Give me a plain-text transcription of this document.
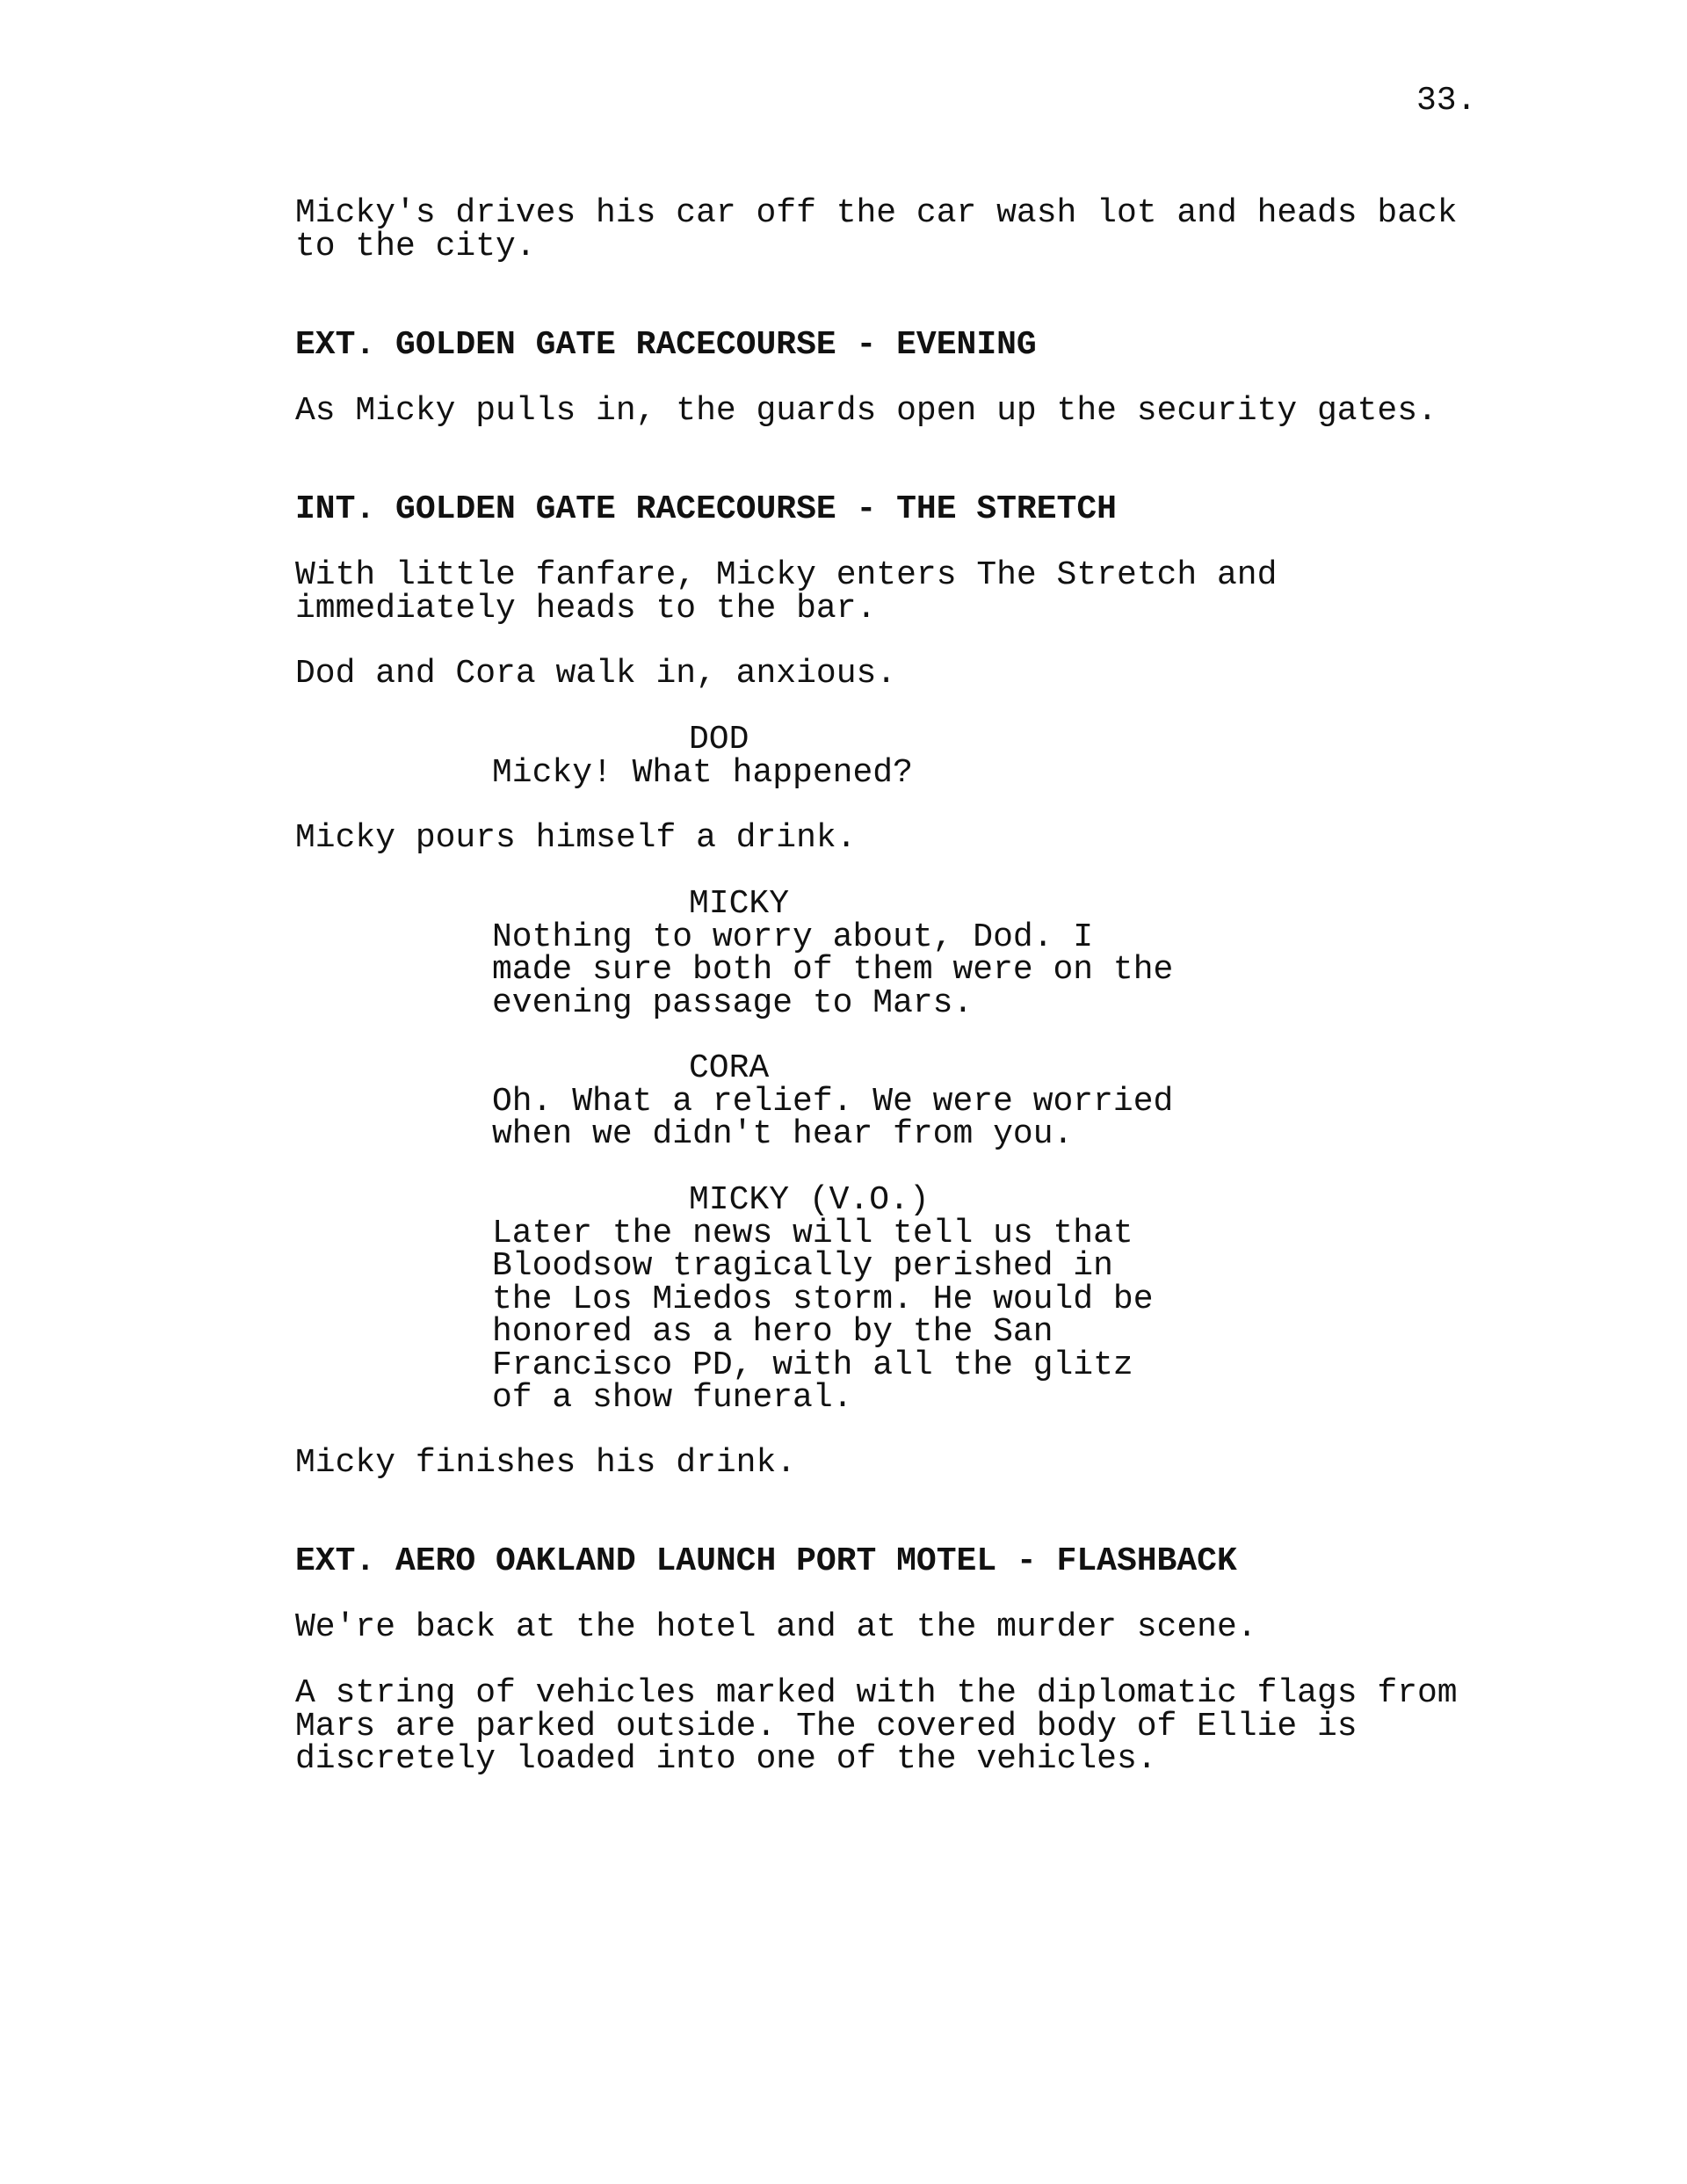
33.

Micky's drives his car off the car wash lot and heads back

to the city.

EXT. GOLDEN GATE RACECOURSE - EVENING

As Micky pulls in, the guards open up the security gates.

INT. GOLDEN GATE RACECOURSE - THE STRETCH

With little fanfare, Micky enters The Stretch and

immediately heads to the bar.

Dod and Cora walk in, anxious.

DOD

Micky! What happened?

Micky pours himself a drink.

MICKY

Nothing to worry about, Dod. I

made sure both of them were on the

evening passage to Mars.

CORA

Oh. What a relief. We were worried

when we didn't hear from you.

MICKY (V.O.)

Later the news will tell us that

Bloodsow tragically perished in

the Los Miedos storm. He would be

honored as a hero by the San

Francisco PD, with all the glitz

of a show funeral.

Micky finishes his drink.

EXT. AERO OAKLAND LAUNCH PORT MOTEL - FLASHBACK

We're back at the hotel and at the murder scene.

A string of vehicles marked with the diplomatic flags from

Mars are parked outside. The covered body of Ellie is

discretely loaded into one of the vehicles.
